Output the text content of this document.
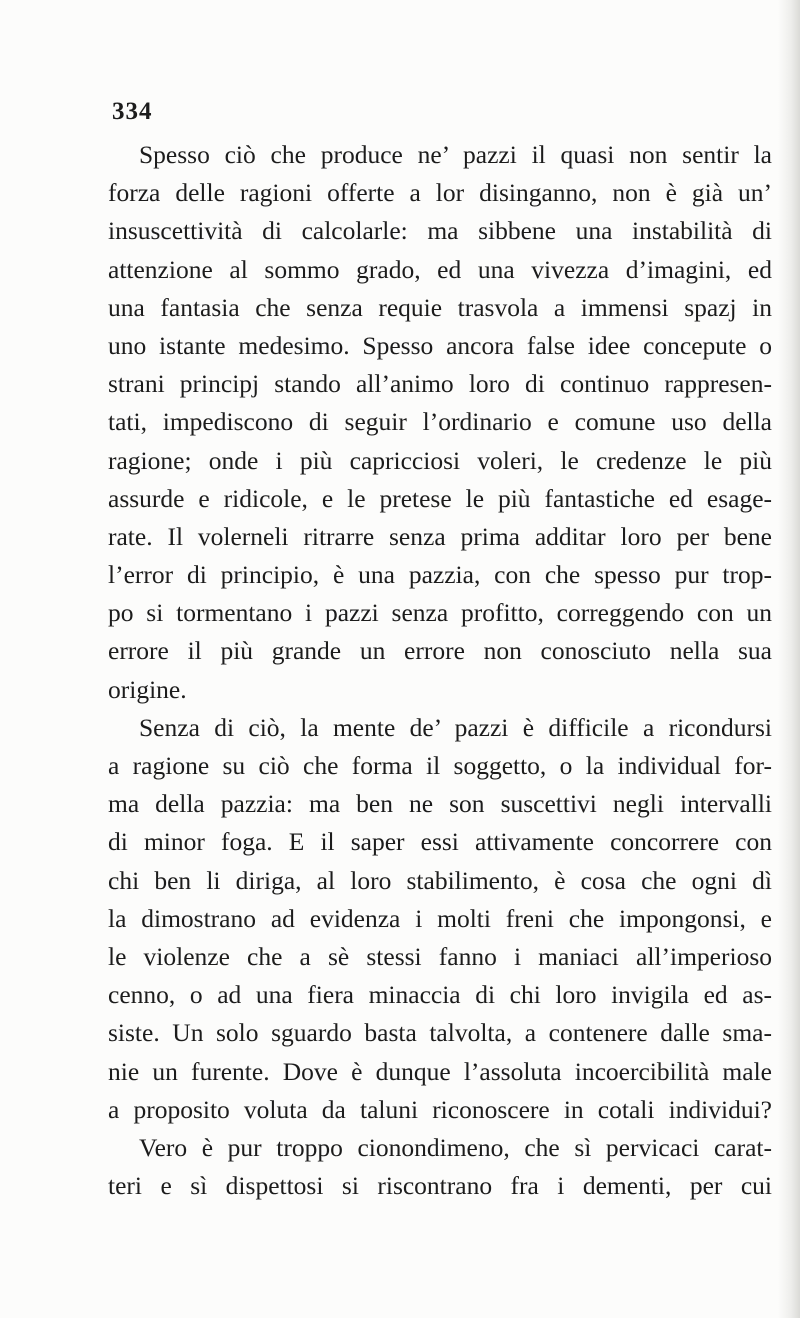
334

Spesso ciò che produce ne’ pazzi il quasi non sentir la
forza delle ragioni offerte a lor disinganno, non è già un’
insuscettività di calcolarle: ma sibbene una instabilità di
attenzione al sommo grado, ed una vivezza d’imagini, ed
una fantasia che senza requie trasvola a immensi spazj in
uno istante medesimo. Spesso ancora false idee concepute o
strani principj stando all’animo loro di continuo rappresen-
tati, impediscono di seguir l’ordinario e comune uso della
ragione; onde i più capricciosi voleri, le credenze le più
assurde e ridicole, e le pretese le più fantastiche ed esage-
rate. Il volerneli ritrarre senza prima additar loro per bene
l’error di principio, è una pazzia, con che spesso pur trop-
po si tormentano i pazzi senza profitto, correggendo con un
errore il più grande un errore non conosciuto nella sua
origine.
Senza di ciò, la mente de’ pazzi è difficile a ricondursi
a ragione su ciò che forma il soggetto, o la individual for-
ma della pazzia: ma ben ne son suscettivi negli intervalli
di minor foga. E il saper essi attivamente concorrere con
chi ben li diriga, al loro stabilimento, è cosa che ogni dì
la dimostrano ad evidenza i molti freni che impongonsi, e
le violenze che a sè stessi fanno i maniaci all’imperioso
cenno, o ad una fiera minaccia di chi loro invigila ed as-
siste. Un solo sguardo basta talvolta, a contenere dalle sma-
nie un furente. Dove è dunque l’assoluta incoercibilità male
a proposito voluta da taluni riconoscere in cotali individui?
Vero è pur troppo cionondimeno, che sì pervicaci carat-
teri e sì dispettosi si riscontrano fra i dementi, per cui
